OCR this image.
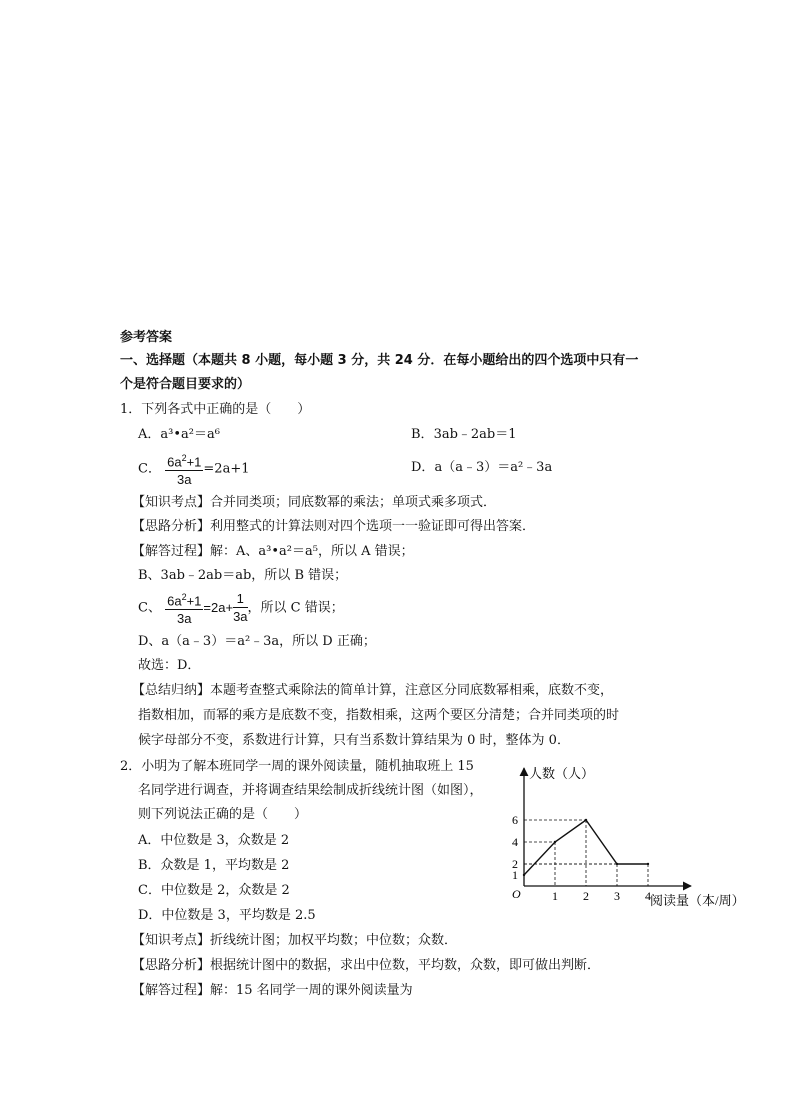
参考答案
一、选择题（本题共 8 小题，每小题 3 分，共 24 分．在每小题给出的四个选项中只有一
个是符合题目要求的）
1．下列各式中正确的是（　　）
A．a³•a²＝a⁶	B．3ab﹣2ab＝1
C． $\frac{6a^2+1}{3a} =2a+1$	D．a（a﹣3）＝a²﹣3a
【知识考点】合并同类项；同底数幂的乘法；单项式乘多项式．
【思路分析】利用整式的计算法则对四个选项一一验证即可得出答案．
【解答过程】解：A、a³•a²＝a⁵，所以 A 错误；
B、3ab﹣2ab＝ab，所以 B 错误；
C、 $\frac{6a^2+1}{3a} =2a+ \frac{1}{3a}$ ，所以 C 错误；
D、a（a﹣3）＝a²﹣3a，所以 D 正确；
故选：D．
【总结归纳】本题考查整式乘除法的简单计算，注意区分同底数幂相乘，底数不变，
指数相加，而幂的乘方是底数不变，指数相乘，这两个要区分清楚；合并同类项的时
候字母部分不变，系数进行计算，只有当系数计算结果为 0 时，整体为 0．
2．小明为了解本班同学一周的课外阅读量，随机抽取班上 15
名同学进行调查，并将调查结果绘制成折线统计图（如图），
则下列说法正确的是（　　）
A．中位数是 3，众数是 2
B．众数是 1，平均数是 2
C．中位数是 2，众数是 2
D．中位数是 3，平均数是 2.5
【知识考点】折线统计图；加权平均数；中位数；众数．
【思路分析】根据统计图中的数据，求出中位数，平均数，众数，即可做出判断．
【解答过程】解：15 名同学一周的课外阅读量为
人数（人）
阅读量（本/周）
O	1 2 3 4
1
2
4
6
